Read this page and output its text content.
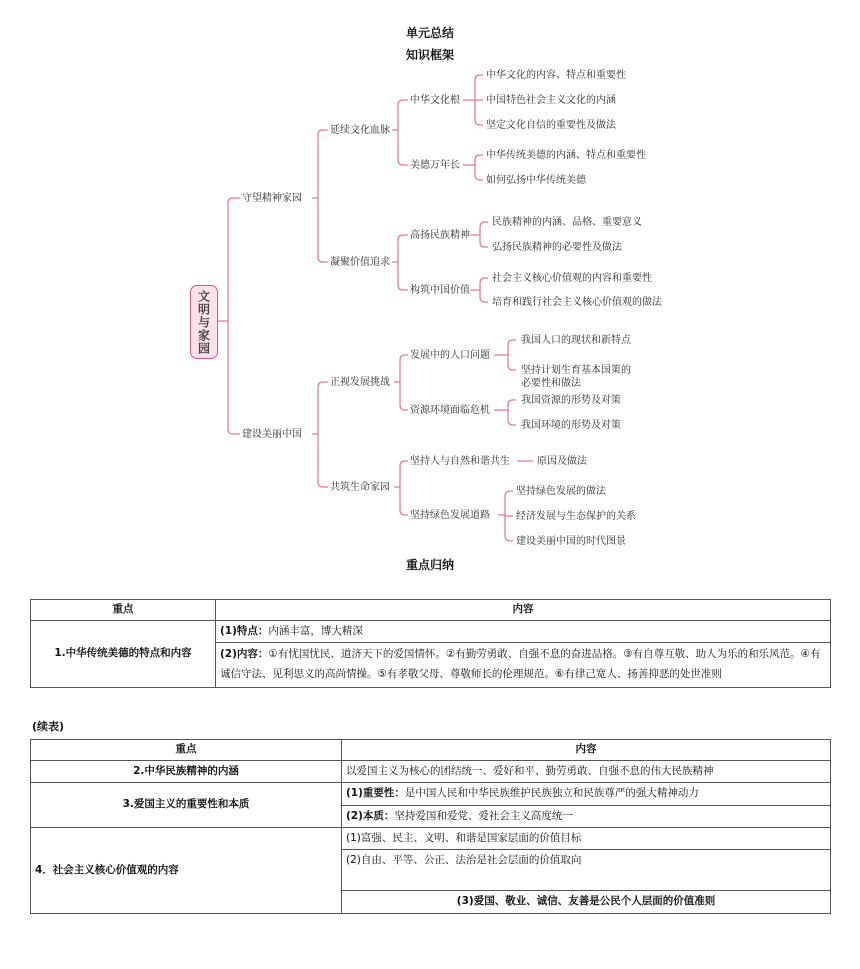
单元总结
知识框架
守望精神家园
建设美丽中国
延续文化血脉
凝聚价值追求
正视发展挑战
共筑生命家园
中华文化根
美德万年长
高扬民族精神
构筑中国价值
发展中的人口问题
资源环境面临危机
坚持人与自然和谐共生
坚持绿色发展道路
中华文化的内容、特点和重要性
中国特色社会主义文化的内涵
坚定文化自信的重要性及做法
中华传统美德的内涵、特点和重要性
如何弘扬中华传统美德
民族精神的内涵、品格、重要意义
弘扬民族精神的必要性及做法
社会主义核心价值观的内容和重要性
培育和践行社会主义核心价值观的做法
我国人口的现状和新特点
坚持计划生育基本国策的
必要性和做法
我国资源的形势及对策
我国环境的形势及对策
原因及做法
坚持绿色发展的做法
经济发展与生态保护的关系
建设美丽中国的时代图景
文明与家园
重点归纳
重点	内容
1.中华传统美德的特点和内容	(1)特点：内涵丰富，博大精深
	(2)内容：①有忧国忧民、道济天下的爱国情怀。②有勤劳勇敢、自强不息的奋进品格。③有自尊互敬、助人为乐的和乐风范。④有诚信守法、见利思义的高尚情操。⑤有孝敬父母、尊敬师长的伦理规范。⑥有律己宽人、扬善抑恶的处世准则
(续表)
重点	内容
2.中华民族精神的内涵	以爱国主义为核心的团结统一、爱好和平、勤劳勇敢、自强不息的伟大民族精神
3.爱国主义的重要性和本质	(1)重要性：是中国人民和中华民族维护民族独立和民族尊严的强大精神动力
	(2)本质：坚持爱国和爱党、爱社会主义高度统一
4．社会主义核心价值观的内容	(1)富强、民主、文明、和谐是国家层面的价值目标
	(2)自由、平等、公正、法治是社会层面的价值取向
	(3)爱国、敬业、诚信、友善是公民个人层面的价值准则
